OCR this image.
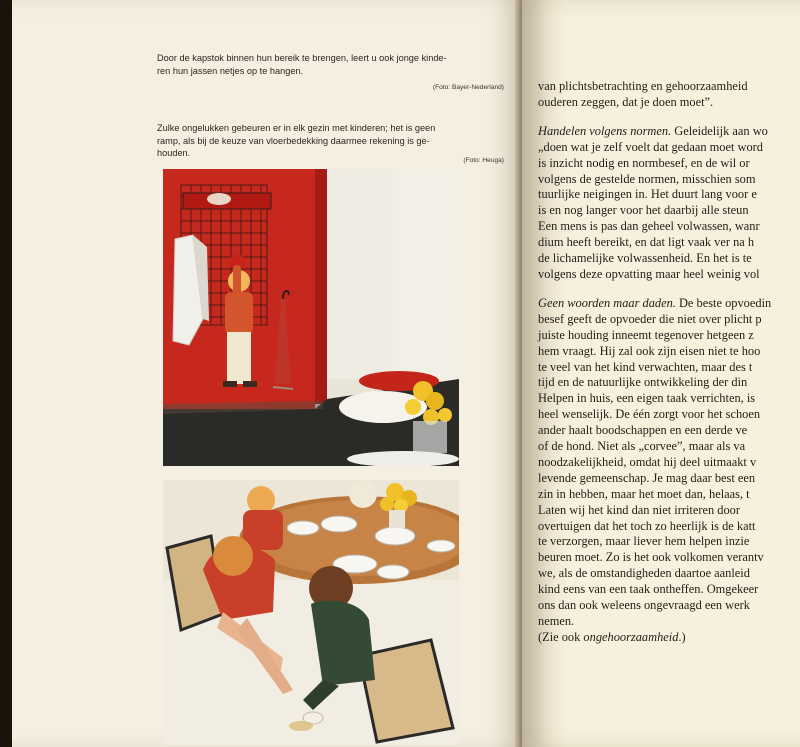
Door de kapstok binnen hun bereik te brengen, leert u ook jonge kinde-
ren hun jassen netjes op te hangen.
(Foto: Bayer-Nederland)
Zulke ongelukken gebeuren er in elk gezin met kinderen; het is geen
ramp, als bij de keuze van vloerbedekking daarmee rekening is ge-
houden.
(Foto: Heuga)

van plichtsbetrachting en gehoorzaamheid

ouderen zeggen, dat je doen moet”.

Handelen volgens normen. Geleidelijk aan wo

„doen wat je zelf voelt dat gedaan moet word

is inzicht nodig en normbesef, en de wil or

volgens de gestelde normen, misschien som

tuurlijke neigingen in. Het duurt lang voor e

is en nog langer voor het daarbij alle steun

Een mens is pas dan geheel volwassen, wanr

dium heeft bereikt, en dat ligt vaak ver na h

de lichamelijke volwassenheid. En het is te

volgens deze opvatting maar heel weinig vol

Geen woorden maar daden. De beste opvoedin

besef geeft de opvoeder die niet over plicht p

juiste houding inneemt tegenover hetgeen z

hem vraagt. Hij zal ook zijn eisen niet te hoo

te veel van het kind verwachten, maar des t

tijd en de natuurlijke ontwikkeling der din

Helpen in huis, een eigen taak verrichten, is

heel wenselijk. De één zorgt voor het schoen

ander haalt boodschappen en een derde ve

of de hond. Niet als „corvee”, maar als va

noodzakelijkheid, omdat hij deel uitmaakt v

levende gemeenschap. Je mag daar best een

zin in hebben, maar het moet dan, helaas, t

Laten wij het kind dan niet irriteren door

overtuigen dat het toch zo heerlijk is de katt

te verzorgen, maar liever hem helpen inzie

beuren moet. Zo is het ook volkomen verantv

we, als de omstandigheden daartoe aanleid

kind eens van een taak ontheffen. Omgekeer

ons dan ook weleens ongevraagd een werk

nemen.

(Zie ook ongehoorzaamheid.)
